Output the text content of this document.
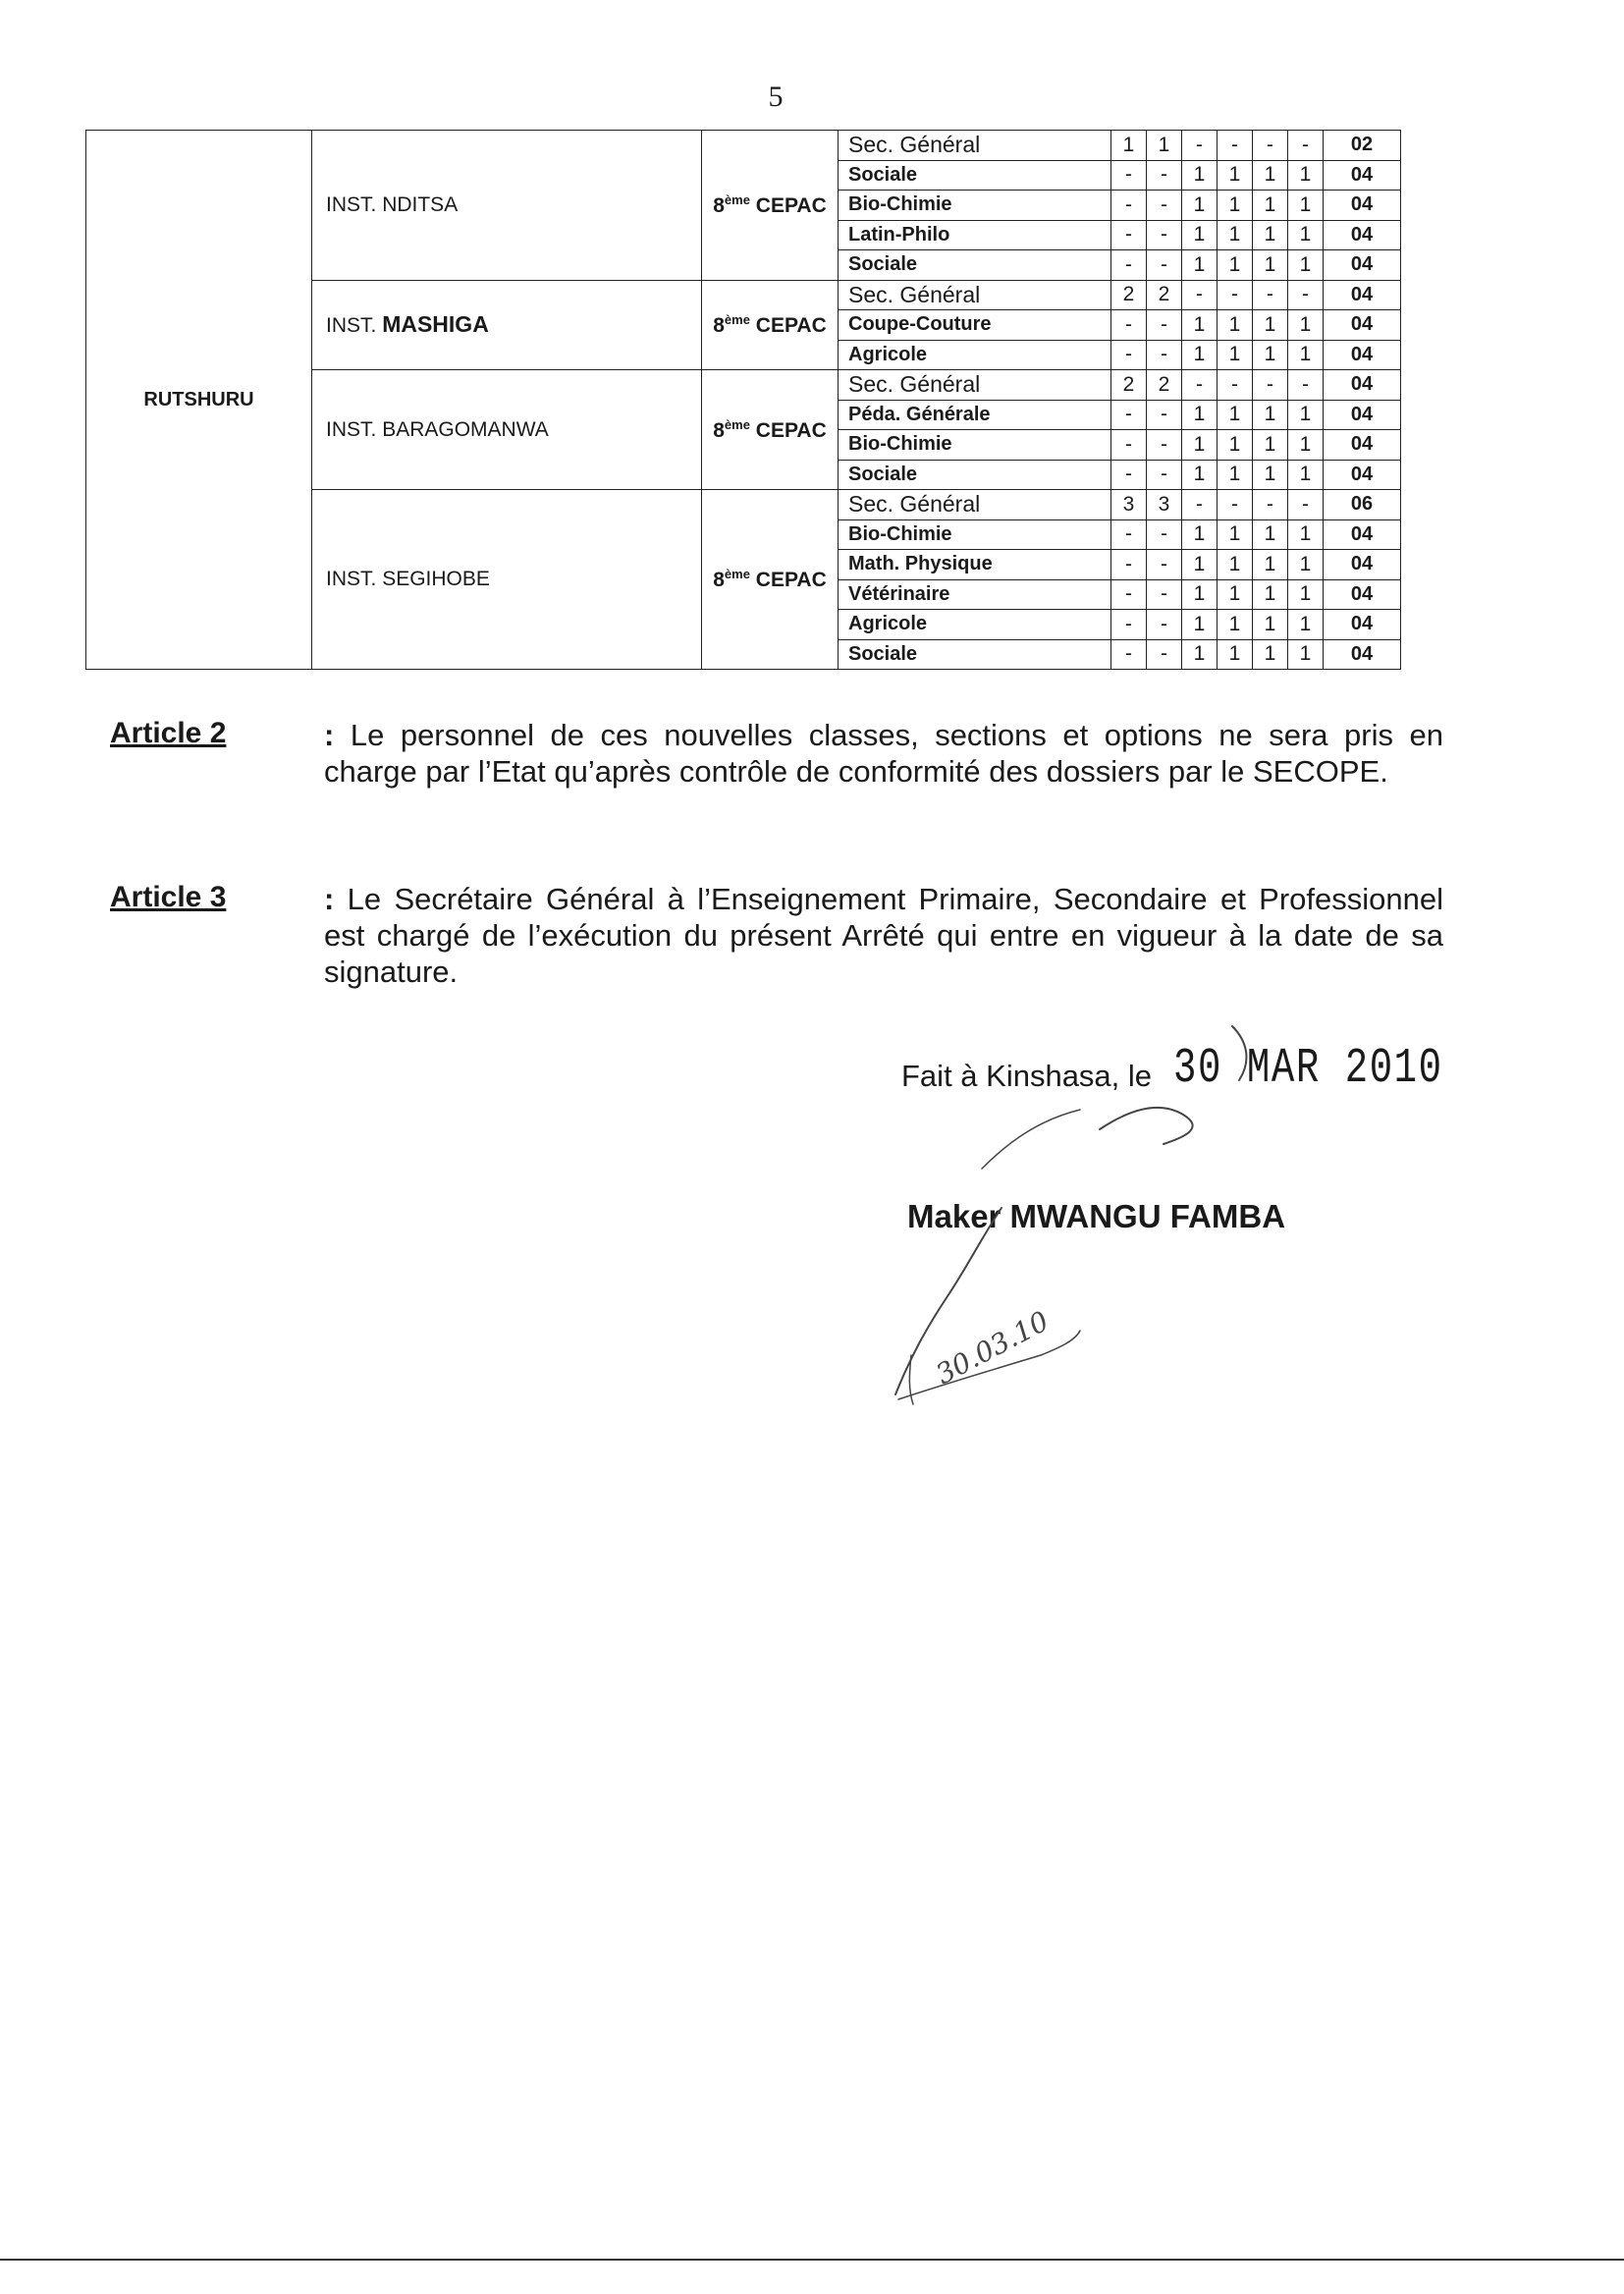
5
RUTSHURU	INST. NDITSA	8ème CEPAC	Sec. Général	1	1	-	-	-	-	02
			Sociale	-	-	1	1	1	1	04
			Bio-Chimie	-	-	1	1	1	1	04
			Latin-Philo	-	-	1	1	1	1	04
			Sociale	-	-	1	1	1	1	04
	INST. MASHIGA	8ème CEPAC	Sec. Général	2	2	-	-	-	-	04
			Coupe-Couture	-	-	1	1	1	1	04
			Agricole	-	-	1	1	1	1	04
	INST. BARAGOMANWA	8ème CEPAC	Sec. Général	2	2	-	-	-	-	04
			Péda. Générale	-	-	1	1	1	1	04
			Bio-Chimie	-	-	1	1	1	1	04
			Sociale	-	-	1	1	1	1	04
	INST. SEGIHOBE	8ème CEPAC	Sec. Général	3	3	-	-	-	-	06
			Bio-Chimie	-	-	1	1	1	1	04
			Math. Physique	-	-	1	1	1	1	04
			Vétérinaire	-	-	1	1	1	1	04
			Agricole	-	-	1	1	1	1	04
			Sociale	-	-	1	1	1	1	04
Article 2	: Le personnel de ces nouvelles classes, sections et options ne sera pris en charge par l’Etat qu’après contrôle de conformité des dossiers par le SECOPE.
Article 3	: Le Secrétaire Général à l’Enseignement Primaire, Secondaire et Professionnel est chargé de l’exécution du présent Arrêté qui entre en vigueur à la date de sa signature.
Fait à Kinshasa, le 30 MAR 2010
Maker MWANGU FAMBA
30.03.10
